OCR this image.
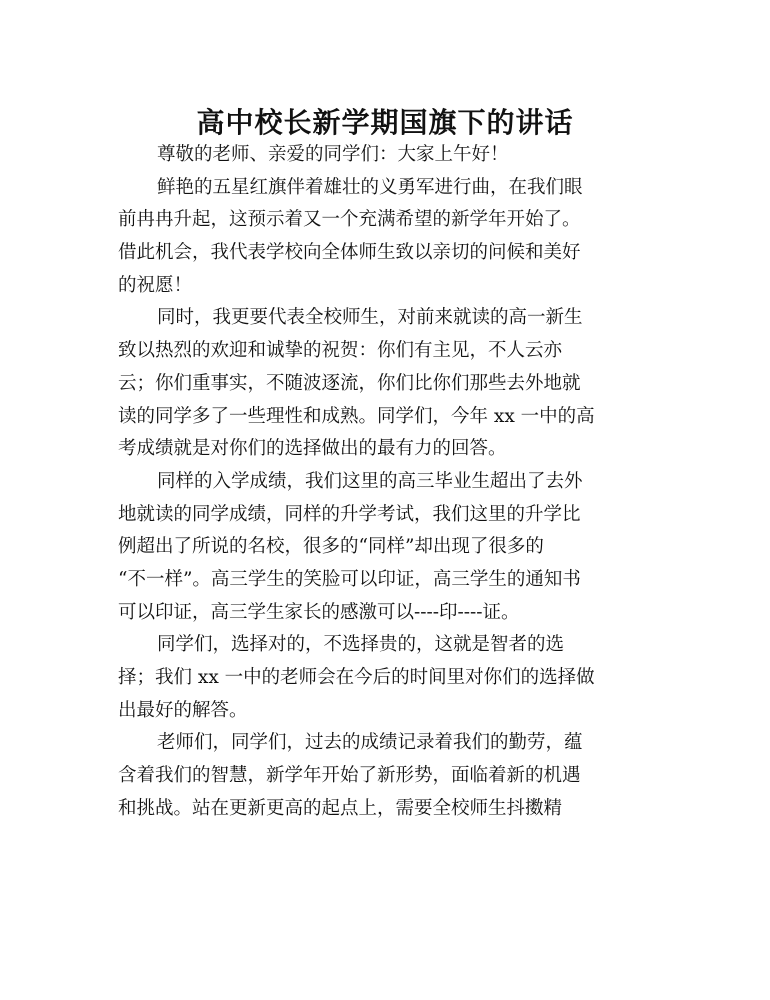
高中校长新学期国旗下的讲话

尊敬的老师、亲爱的同学们：大家上午好！

鲜艳的五星红旗伴着雄壮的义勇军进行曲，在我们眼
前冉冉升起，这预示着又一个充满希望的新学年开始了。
借此机会，我代表学校向全体师生致以亲切的问候和美好
的祝愿！

同时，我更要代表全校师生，对前来就读的高一新生
致以热烈的欢迎和诚挚的祝贺：你们有主见，不人云亦
云；你们重事实，不随波逐流，你们比你们那些去外地就
读的同学多了一些理性和成熟。同学们，今年 xx 一中的高
考成绩就是对你们的选择做出的最有力的回答。

同样的入学成绩，我们这里的高三毕业生超出了去外
地就读的同学成绩，同样的升学考试，我们这里的升学比
例超出了所说的名校，很多的“同样”却出现了很多的
“不一样”。高三学生的笑脸可以印证，高三学生的通知书
可以印证，高三学生家长的感激可以----印----证。

同学们，选择对的，不选择贵的，这就是智者的选
择；我们 xx 一中的老师会在今后的时间里对你们的选择做
出最好的解答。

老师们，同学们，过去的成绩记录着我们的勤劳，蕴
含着我们的智慧，新学年开始了新形势，面临着新的机遇
和挑战。站在更新更高的起点上，需要全校师生抖擞精
